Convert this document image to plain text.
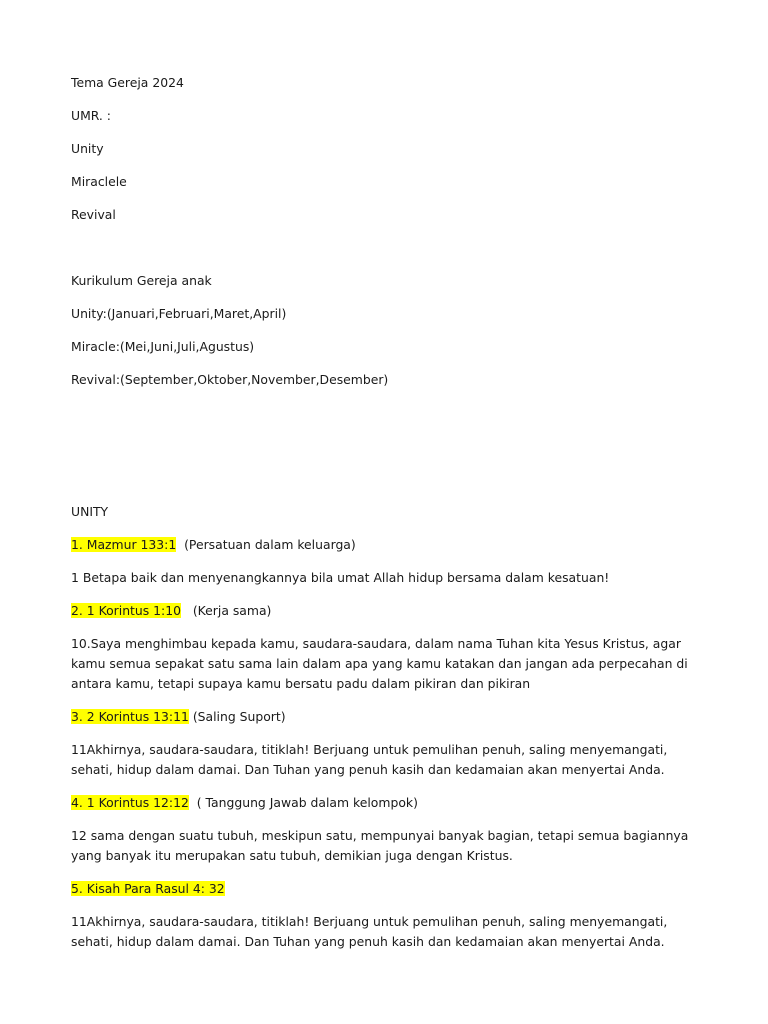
Tema Gereja 2024

UMR. :

Unity

Miraclele

Revival

Kurikulum Gereja anak

Unity:(Januari,Februari,Maret,April)

Miracle:(Mei,Juni,Juli,Agustus)

Revival:(September,Oktober,November,Desember)

UNITY

1. Mazmur 133:1  (Persatuan dalam keluarga)

1 Betapa baik dan menyenangkannya bila umat Allah hidup bersama dalam kesatuan!

2. 1 Korintus 1:10   (Kerja sama)

10.Saya menghimbau kepada kamu, saudara-saudara, dalam nama Tuhan kita Yesus Kristus, agar kamu semua sepakat satu sama lain dalam apa yang kamu katakan dan jangan ada perpecahan di antara kamu, tetapi supaya kamu bersatu padu dalam pikiran dan pikiran

3. 2 Korintus 13:11 (Saling Suport)

11Akhirnya, saudara-saudara, titiklah! Berjuang untuk pemulihan penuh, saling menyemangati, sehati, hidup dalam damai. Dan Tuhan yang penuh kasih dan kedamaian akan menyertai Anda.

4. 1 Korintus 12:12  ( Tanggung Jawab dalam kelompok)

12 sama dengan suatu tubuh, meskipun satu, mempunyai banyak bagian, tetapi semua bagiannya yang banyak itu merupakan satu tubuh, demikian juga dengan Kristus.

5. Kisah Para Rasul 4: 32

11Akhirnya, saudara-saudara, titiklah! Berjuang untuk pemulihan penuh, saling menyemangati, sehati, hidup dalam damai. Dan Tuhan yang penuh kasih dan kedamaian akan menyertai Anda.
